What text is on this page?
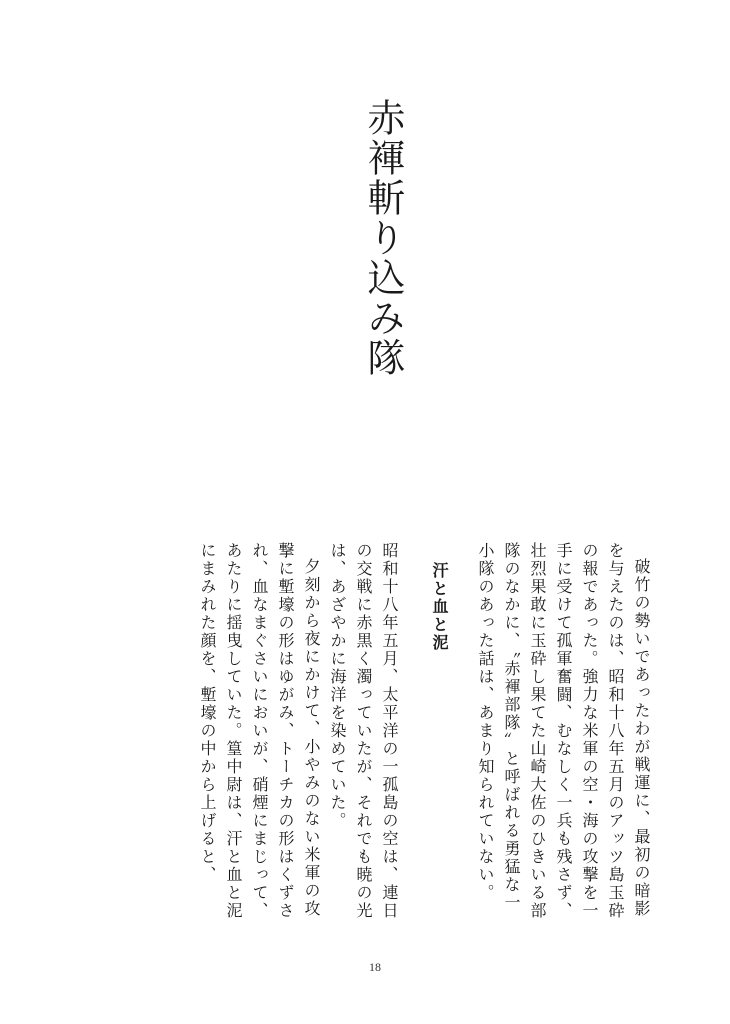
赤褌斬り込み隊

破竹の勢いであったわが戦運に、最初の暗影を与えたのは、昭和十八年五月のアッツ島玉砕の報であった。強力な米軍の空・海の攻撃を一手に受けて孤軍奮闘、むなしく一兵も残さず、壮烈果敢に玉砕し果てた山崎大佐のひきいる部隊のなかに、〝赤褌部隊〟と呼ばれる勇猛な一小隊のあった話は、あまり知られていない。

汗と血と泥

昭和十八年五月、太平洋の一孤島の空は、連日の交戦に赤黒く濁っていたが、それでも暁の光は、あざやかに海洋を染めていた。

夕刻から夜にかけて、小やみのない米軍の攻撃に塹壕の形はゆがみ、トーチカの形はくずされ、血なまぐさいにおいが、硝煙にまじって、あたりに揺曳していた。篁中尉は、汗と血と泥にまみれた顔を、塹壕の中から上げると、

18
